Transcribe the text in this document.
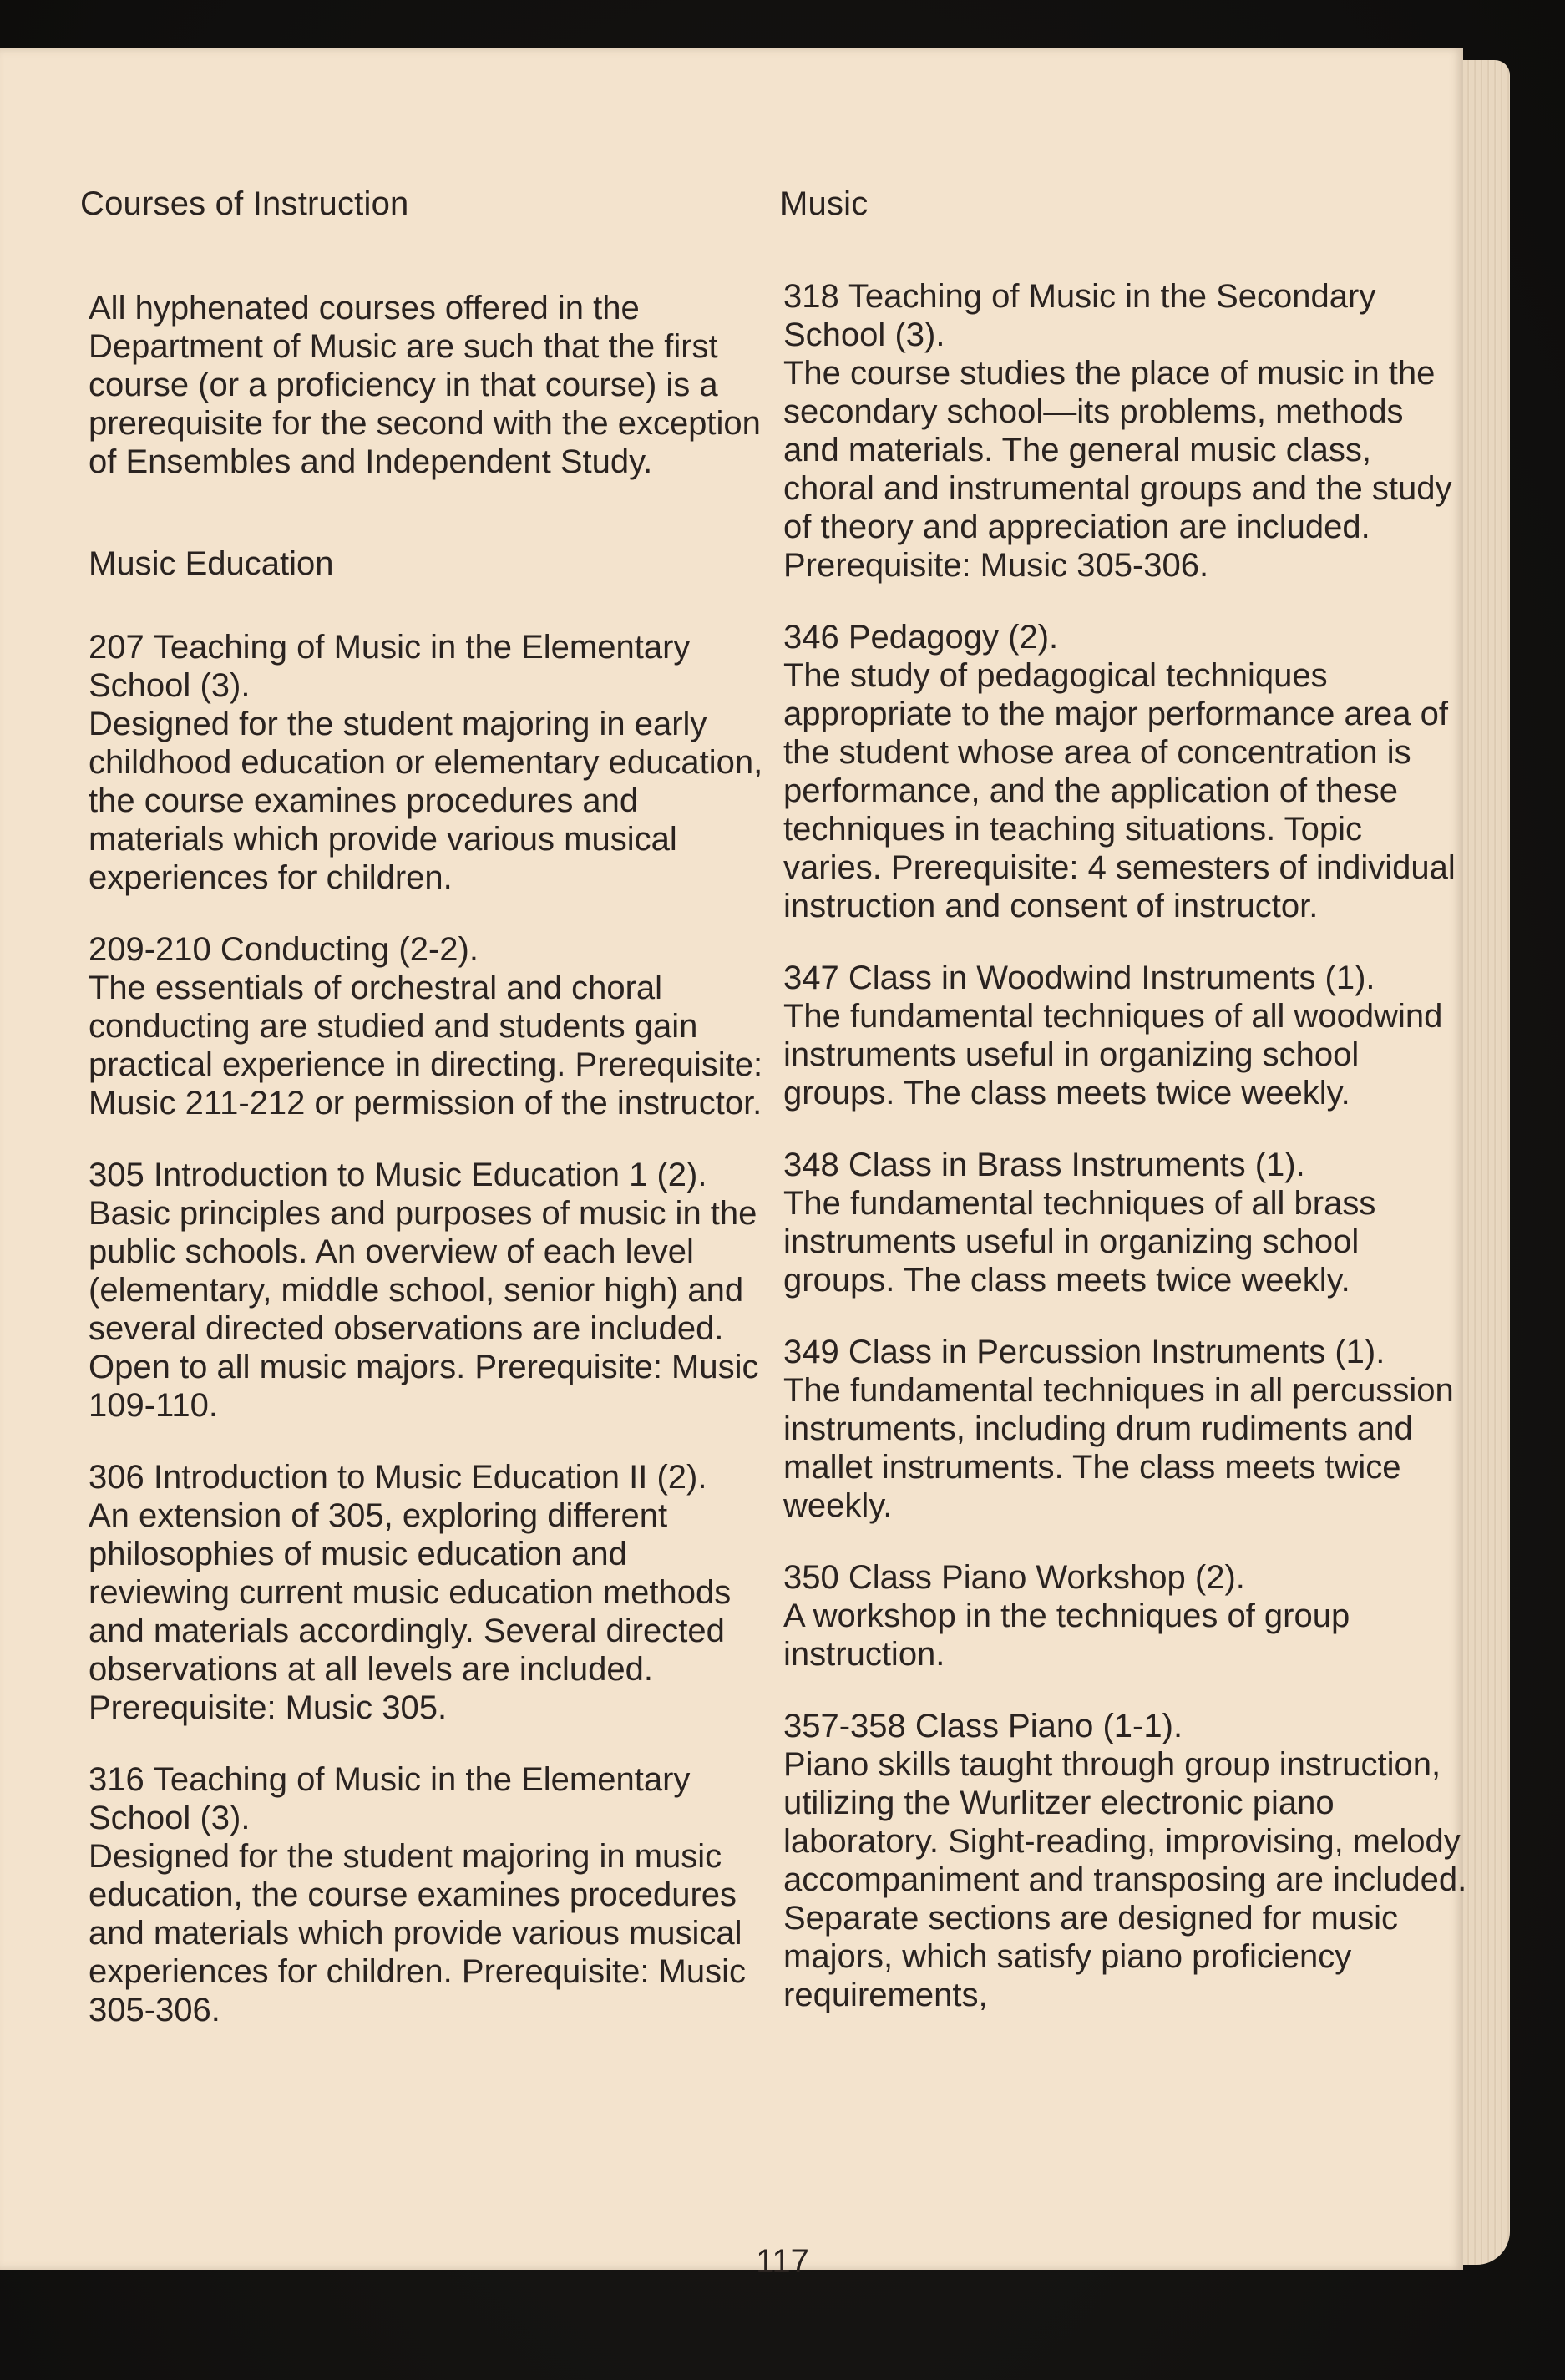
Courses of Instruction	Music

All hyphenated courses offered in the Department of Music are such that the first course (or a proficiency in that course) is a prerequisite for the second with the exception of Ensembles and Independent Study.

Music Education

207 Teaching of Music in the Elementary School (3).
Designed for the student majoring in early childhood education or elementary education, the course examines procedures and materials which provide various musical experiences for children.

209-210 Conducting (2-2).
The essentials of orchestral and choral conducting are studied and students gain practical experience in directing. Prerequisite: Music 211-212 or permission of the instructor.

305 Introduction to Music Education 1 (2).
Basic principles and purposes of music in the public schools. An overview of each level (elementary, middle school, senior high) and several directed observations are included. Open to all music majors. Prerequisite: Music 109-110.

306 Introduction to Music Education II (2).
An extension of 305, exploring different philosophies of music education and reviewing current music education methods and materials accordingly. Several directed observations at all levels are included. Prerequisite: Music 305.

316 Teaching of Music in the Elementary School (3).
Designed for the student majoring in music education, the course examines procedures and materials which provide various musical experiences for children. Prerequisite: Music 305-306.

318 Teaching of Music in the Secondary School (3).
The course studies the place of music in the secondary school—its problems, methods and materials. The general music class, choral and instrumental groups and the study of theory and appreciation are included. Prerequisite: Music 305-306.

346 Pedagogy (2).
The study of pedagogical techniques appropriate to the major performance area of the student whose area of concentration is performance, and the application of these techniques in teaching situations. Topic varies. Prerequisite: 4 semesters of individual instruction and consent of instructor.

347 Class in Woodwind Instruments (1).
The fundamental techniques of all woodwind instruments useful in organizing school groups. The class meets twice weekly.

348 Class in Brass Instruments (1).
The fundamental techniques of all brass instruments useful in organizing school groups. The class meets twice weekly.

349 Class in Percussion Instruments (1).
The fundamental techniques in all percussion instruments, including drum rudiments and mallet instruments. The class meets twice weekly.

350 Class Piano Workshop (2).
A workshop in the techniques of group instruction.

357-358 Class Piano (1-1).
Piano skills taught through group instruction, utilizing the Wurlitzer electronic piano laboratory. Sight-reading, improvising, melody accompaniment and transposing are included. Separate sections are designed for music majors, which satisfy piano proficiency requirements,

117
